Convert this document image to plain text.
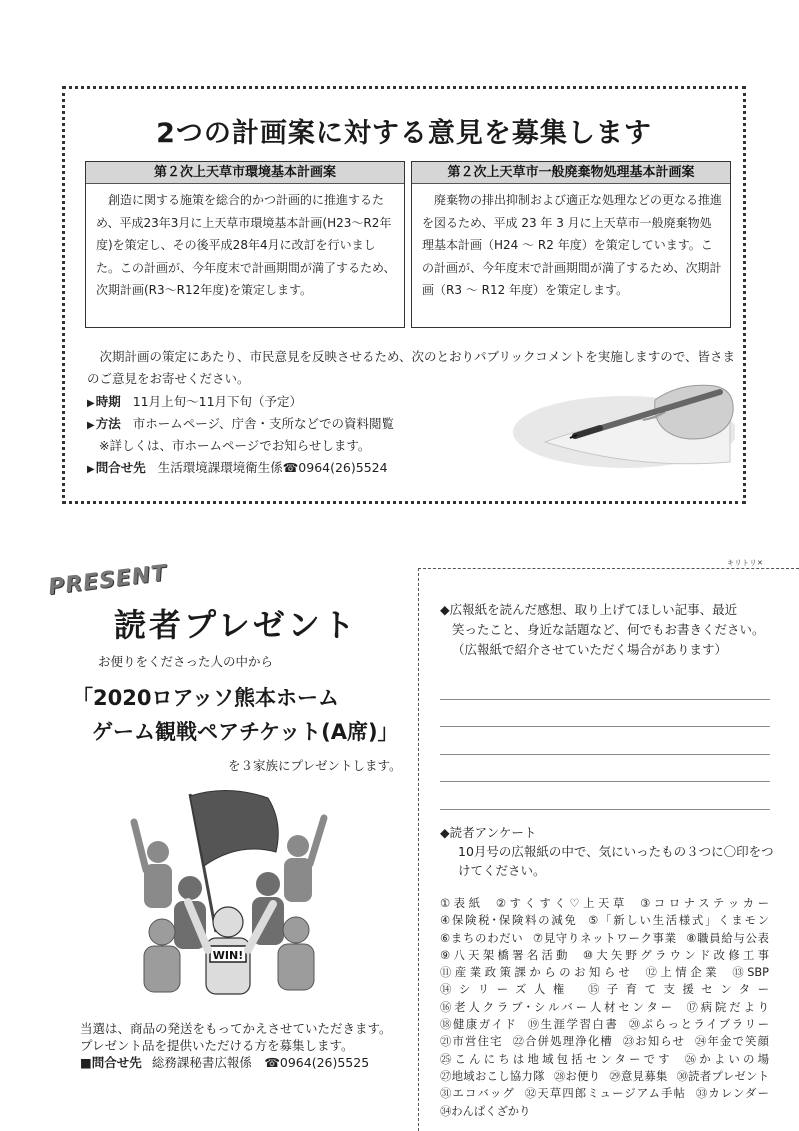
2つの計画案に対する意見を募集します
第２次上天草市環境基本計画案

創造に関する施策を総合的かつ計画的に推進するため、平成23年3月に上天草市環境基本計画(H23〜R2年度)を策定し、その後平成28年4月に改訂を行いました。この計画が、今年度末で計画期間が満了するため、次期計画(R3〜R12年度)を策定します。

第２次上天草市一般廃棄物処理基本計画案

廃棄物の排出抑制および適正な処理などの更なる推進を図るため、平成 23 年 3 月に上天草市一般廃棄物処理基本計画（H24 〜 R2 年度）を策定しています。この計画が、今年度末で計画期間が満了するため、次期計画（R3 〜 R12 年度）を策定します。

次期計画の策定にあたり、市民意見を反映させるため、次のとおりパブリックコメントを実施しますので、皆さまのご意見をお寄せください。

▶時期 11月上旬〜11月下旬（予定）
▶方法 市ホームページ、庁舎・支所などでの資料閲覧
※詳しくは、市ホームページでお知らせします。
▶問合せ先 生活環境課環境衛生係☎0964(26)5524
キリトリ✕
PRESENT
読者プレゼント

お便りをくださった人の中から

「2020ロアッソ熊本ホーム
ゲーム観戦ペアチケット(A席)」

を３家族にプレゼントします。

WIN!
当選は、商品の発送をもってかえさせていただきます。
プレゼント品を提供いただける方を募集します。
■問合せ先 総務課秘書広報係　☎0964(26)5525
◆広報紙を読んだ感想、取り上げてほしい記事、最近
笑ったこと、身近な話題など、何でもお書きください。（広報紙で紹介させていただく場合があります）
◆読者アンケート
10月号の広報紙の中で、気にいったもの３つに〇印をつけてください。
①表紙 ②すくすく♡上天草 ③コロナステッカー ④保険税･保険料の減免 ⑤「新しい生活様式」くまモン ⑥まちのわだい ⑦見守りネットワーク事業 ⑧職員給与公表 ⑨八天架橋署名活動 ⑩大矢野グラウンド改修工事 ⑪産業政策課からのお知らせ ⑫上情企業 ⑬SBP ⑭シリーズ人権 ⑮子育て支援センター ⑯老人クラブ･シルバー人材センター ⑰病院だより ⑱健康ガイド ⑲生涯学習白書 ⑳ぷらっとライブラリー ㉑市営住宅 ㉒合併処理浄化槽 ㉓お知らせ ㉔年金で笑顔 ㉕こんにちは地域包括センターです ㉖かよいの場 ㉗地域おこし協力隊 ㉘お便り ㉙意見募集 ㉚読者プレゼント ㉛エコバッグ ㉜天草四郎ミュージアム手帖 ㉝カレンダー ㉞わんぱくざかり
